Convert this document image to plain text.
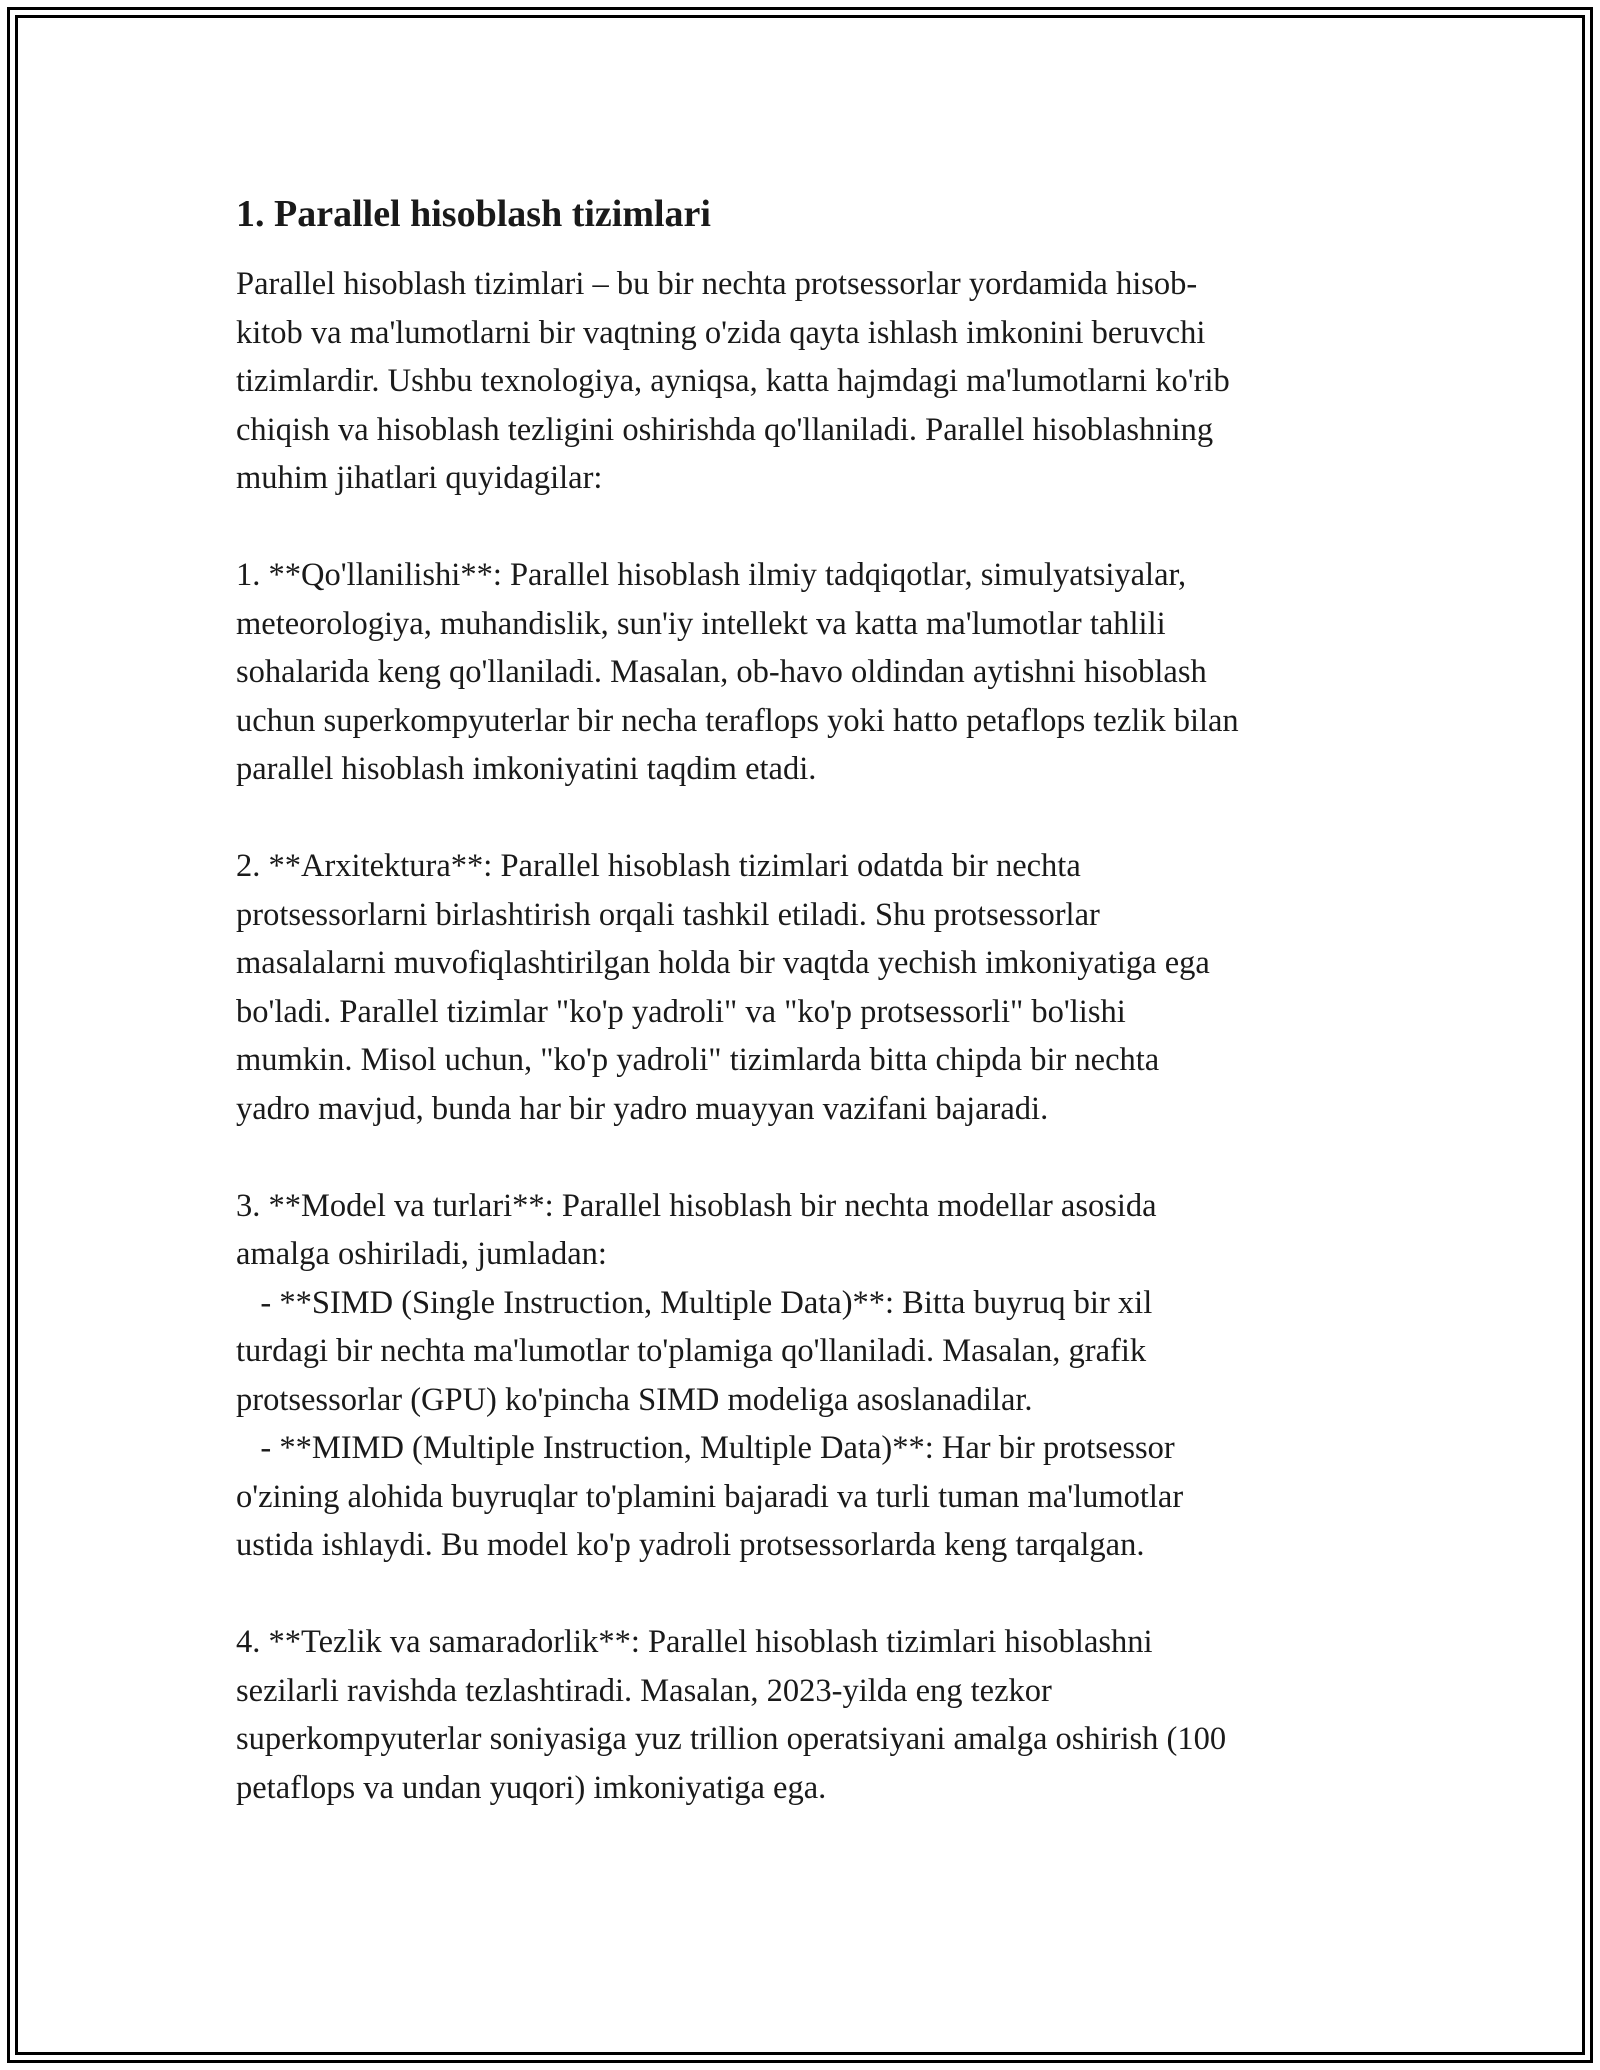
1. Parallel hisoblash tizimlari
Parallel hisoblash tizimlari – bu bir nechta protsessorlar yordamida hisob-
kitob va ma'lumotlarni bir vaqtning o'zida qayta ishlash imkonini beruvchi
tizimlardir. Ushbu texnologiya, ayniqsa, katta hajmdagi ma'lumotlarni ko'rib
chiqish va hisoblash tezligini oshirishda qo'llaniladi. Parallel hisoblashning
muhim jihatlari quyidagilar:
1. **Qo'llanilishi**: Parallel hisoblash ilmiy tadqiqotlar, simulyatsiyalar,
meteorologiya, muhandislik, sun'iy intellekt va katta ma'lumotlar tahlili
sohalarida keng qo'llaniladi. Masalan, ob-havo oldindan aytishni hisoblash
uchun superkompyuterlar bir necha teraflops yoki hatto petaflops tezlik bilan
parallel hisoblash imkoniyatini taqdim etadi.
2. **Arxitektura**: Parallel hisoblash tizimlari odatda bir nechta
protsessorlarni birlashtirish orqali tashkil etiladi. Shu protsessorlar
masalalarni muvofiqlashtirilgan holda bir vaqtda yechish imkoniyatiga ega
bo'ladi. Parallel tizimlar "ko'p yadroli" va "ko'p protsessorli" bo'lishi
mumkin. Misol uchun, "ko'p yadroli" tizimlarda bitta chipda bir nechta
yadro mavjud, bunda har bir yadro muayyan vazifani bajaradi.
3. **Model va turlari**: Parallel hisoblash bir nechta modellar asosida
amalga oshiriladi, jumladan:
- **SIMD (Single Instruction, Multiple Data)**: Bitta buyruq bir xil
turdagi bir nechta ma'lumotlar to'plamiga qo'llaniladi. Masalan, grafik
protsessorlar (GPU) ko'pincha SIMD modeliga asoslanadilar.
- **MIMD (Multiple Instruction, Multiple Data)**: Har bir protsessor
o'zining alohida buyruqlar to'plamini bajaradi va turli tuman ma'lumotlar
ustida ishlaydi. Bu model ko'p yadroli protsessorlarda keng tarqalgan.
4. **Tezlik va samaradorlik**: Parallel hisoblash tizimlari hisoblashni
sezilarli ravishda tezlashtiradi. Masalan, 2023-yilda eng tezkor
superkompyuterlar soniyasiga yuz trillion operatsiyani amalga oshirish (100
petaflops va undan yuqori) imkoniyatiga ega.
